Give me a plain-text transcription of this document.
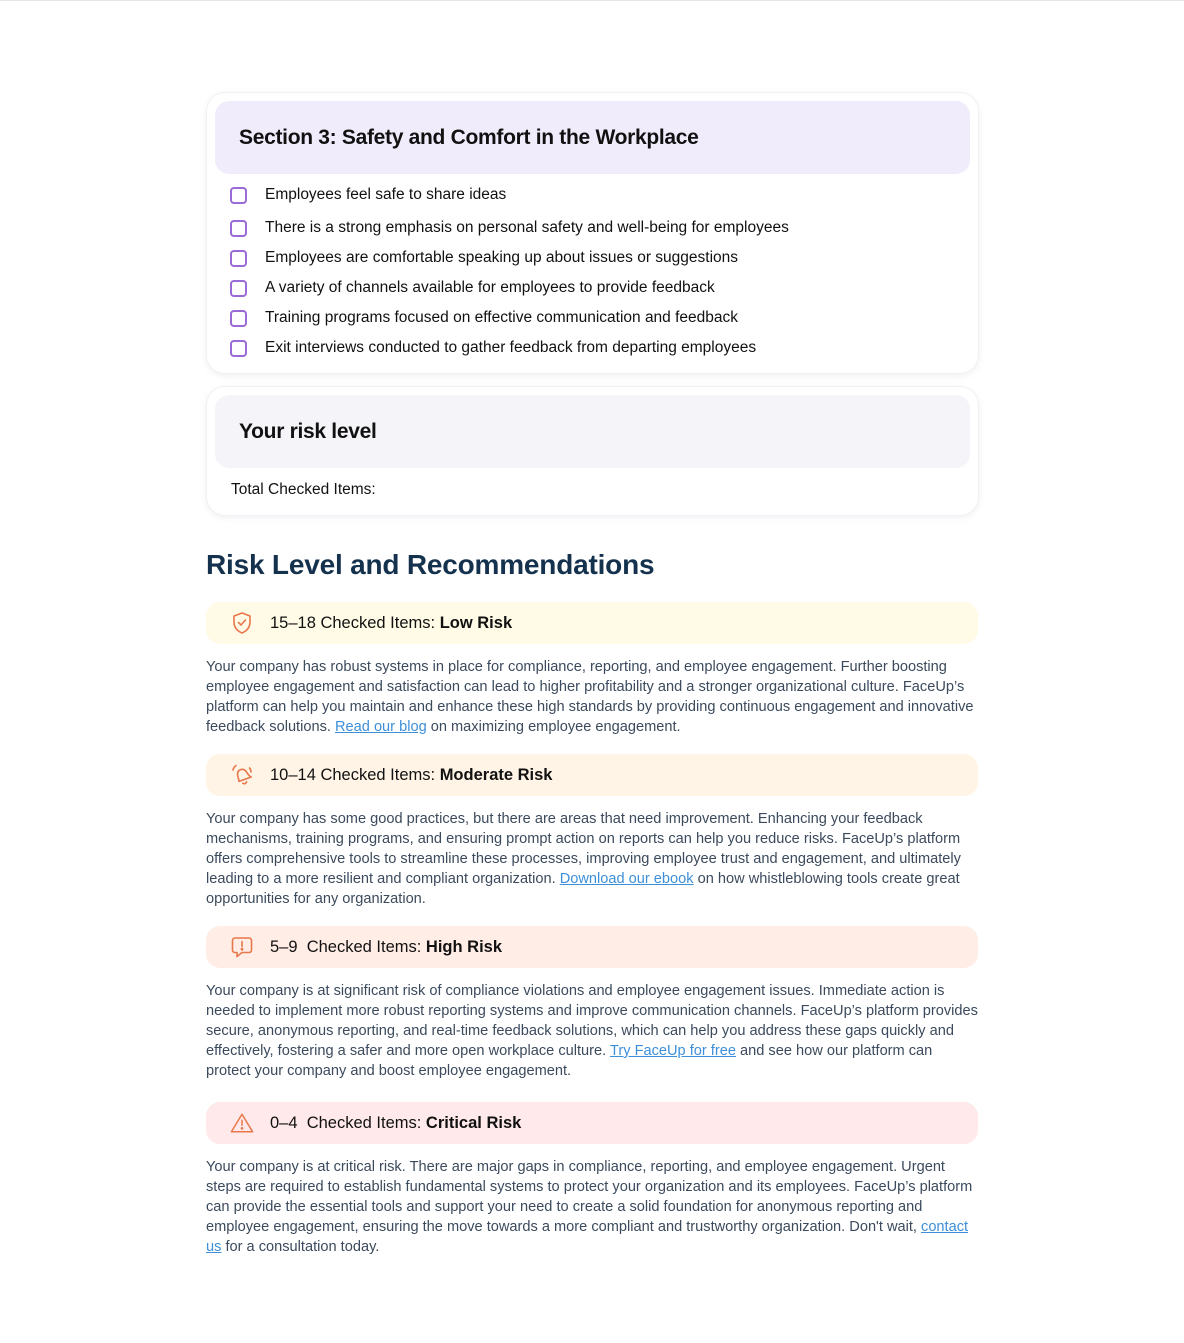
Section 3: Safety and Comfort in the Workplace
Employees feel safe to share ideas
There is a strong emphasis on personal safety and well-being for employees
Employees are comfortable speaking up about issues or suggestions
A variety of channels available for employees to provide feedback
Training programs focused on effective communication and feedback
Exit interviews conducted to gather feedback from departing employees
Your risk level
Total Checked Items:
Risk Level and Recommendations
15–18 Checked Items: Low Risk

Your company has robust systems in place for compliance, reporting, and employee engagement. Further boosting employee engagement and satisfaction can lead to higher profitability and a stronger organizational culture. FaceUp’s platform can help you maintain and enhance these high standards by providing continuous engagement and innovative feedback solutions. Read our blog on maximizing employee engagement.

10–14 Checked Items: Moderate Risk

Your company has some good practices, but there are areas that need improvement. Enhancing your feedback mechanisms, training programs, and ensuring prompt action on reports can help you reduce risks. FaceUp’s platform offers comprehensive tools to streamline these processes, improving employee trust and engagement, and ultimately leading to a more resilient and compliant organization. Download our ebook on how whistleblowing tools create great opportunities for any organization.

5–9  Checked Items: High Risk

Your company is at significant risk of compliance violations and employee engagement issues. Immediate action is needed to implement more robust reporting systems and improve communication channels. FaceUp’s platform provides secure, anonymous reporting, and real-time feedback solutions, which can help you address these gaps quickly and effectively, fostering a safer and more open workplace culture. Try FaceUp for free and see how our platform can protect your company and boost employee engagement.

0–4  Checked Items: Critical Risk

Your company is at critical risk. There are major gaps in compliance, reporting, and employee engagement. Urgent steps are required to establish fundamental systems to protect your organization and its employees. FaceUp’s platform can provide the essential tools and support your need to create a solid foundation for anonymous reporting and employee engagement, ensuring the move towards a more compliant and trustworthy organization. Don't wait, contact us for a consultation today.
